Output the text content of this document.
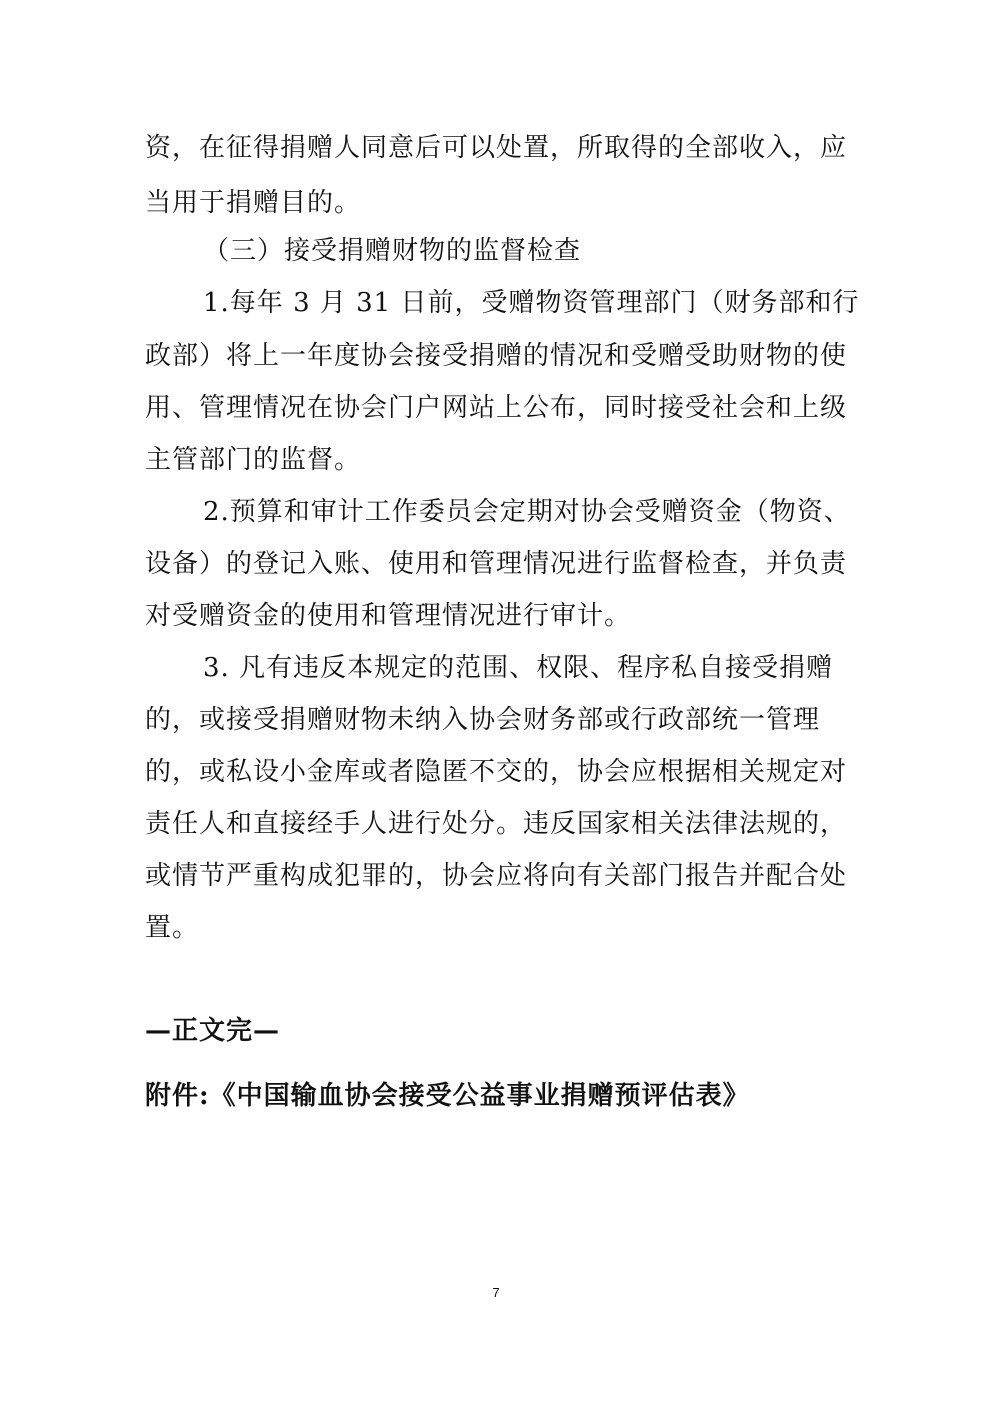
资，在征得捐赠人同意后可以处置，所取得的全部收入，应
当用于捐赠目的。
（三）接受捐赠财物的监督检查
1.每年 3 月 31 日前，受赠物资管理部门（财务部和行
政部）将上一年度协会接受捐赠的情况和受赠受助财物的使
用、管理情况在协会门户网站上公布，同时接受社会和上级
主管部门的监督。
2.预算和审计工作委员会定期对协会受赠资金（物资、
设备）的登记入账、使用和管理情况进行监督检查，并负责
对受赠资金的使用和管理情况进行审计。
3. 凡有违反本规定的范围、权限、程序私自接受捐赠
的，或接受捐赠财物未纳入协会财务部或行政部统一管理
的，或私设小金库或者隐匿不交的，协会应根据相关规定对
责任人和直接经手人进行处分。违反国家相关法律法规的，
或情节严重构成犯罪的，协会应将向有关部门报告并配合处
置。
—正文完—
附件:《中国输血协会接受公益事业捐赠预评估表》
7
